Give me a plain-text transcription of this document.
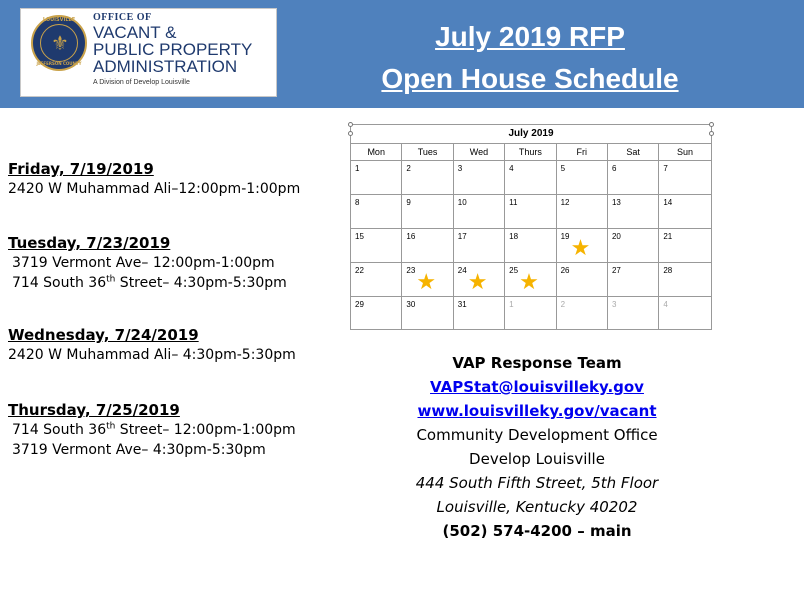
LOUISVILLE
⚜
JEFFERSON COUNTY
OFFICE OF
VACANT &
PUBLIC PROPERTY
ADMINISTRATION
A Division of Develop Louisville
July 2019 RFP
Open House Schedule
Friday, 7/19/2019
2420 W Muhammad Ali–12:00pm-1:00pm
Tuesday, 7/23/2019
3719 Vermont Ave– 12:00pm-1:00pm
714 South 36th Street– 4:30pm-5:30pm
Wednesday, 7/24/2019
2420 W Muhammad Ali– 4:30pm-5:30pm
Thursday, 7/25/2019
714 South 36th Street– 12:00pm-1:00pm
3719 Vermont Ave– 4:30pm-5:30pm
July 2019
Mon	Tues	Wed	Thurs	Fri	Sat	Sun
1	2	3	4	5	6	7
8	9	10	11	12	13	14
15	16	17	18	19 ★	20	21
22	23 ★	24 ★	25 ★	26	27	28
29	30	31	1	2	3	4
VAP Response Team
VAPStat@louisvilleky.gov
www.louisvilleky.gov/vacant
Community Development Office
Develop Louisville
444 South Fifth Street, 5th Floor
Louisville, Kentucky 40202
(502) 574-4200 – main
